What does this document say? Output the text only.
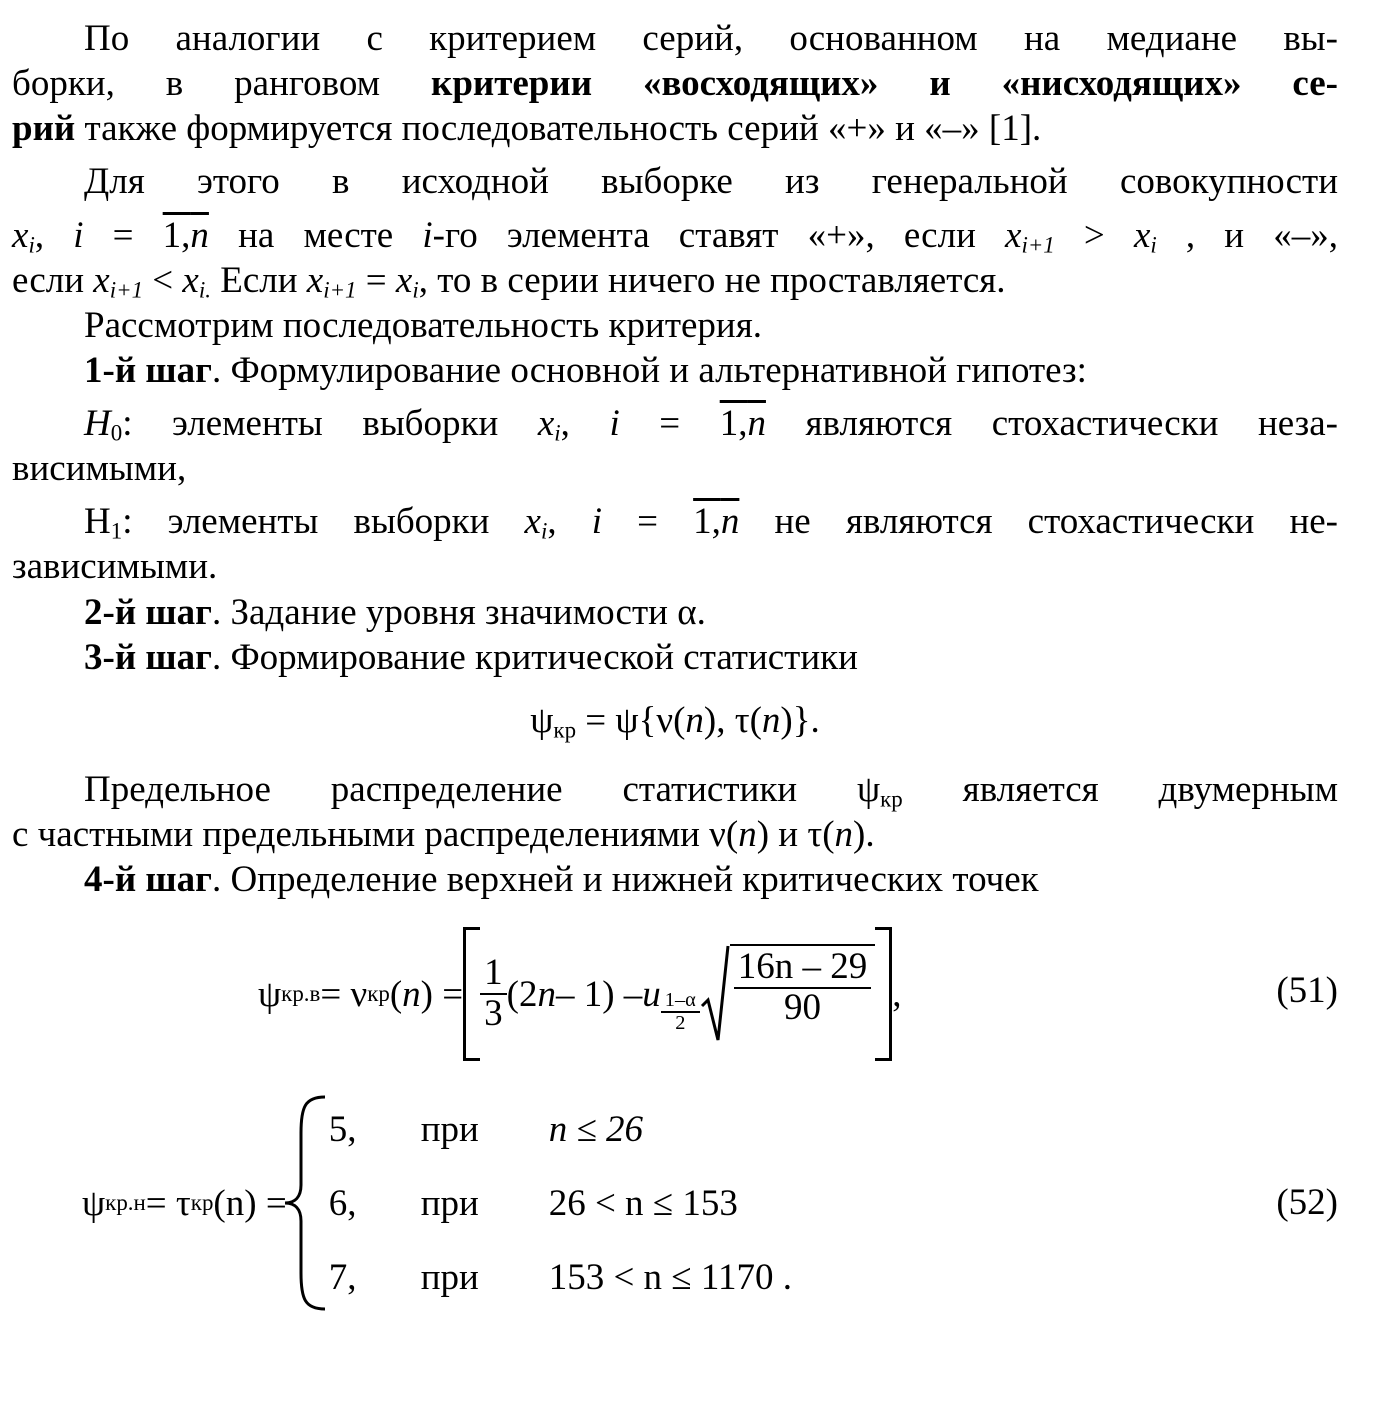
По аналогии с критерием серий, основанном на медиане вы-

борки, в ранговом критерии «восходящих» и «нисходящих» се-

рий также формируется последовательность серий «+» и «–» [1].

Для этого в исходной выборке из генеральной совокупности

$x_i$, i = 1,n на месте i-го элемента ставят «+», если $x_{i+1} > x_i$ , и «–»,

если $x_{i+1} < x_{i.}$ Если $x_{i+1} = x_i$, то в серии ничего не проставляется.

Рассмотрим последовательность критерия.

1-й шаг. Формулирование основной и альтернативной гипотез:

$H_0$: элементы выборки $x_i$, i = 1,n являются стохастически неза-

висимыми,

$H_1$: элементы выборки $x_i$, i = 1,n не являются стохастически не-

зависимыми.

2-й шаг. Задание уровня значимости α.

3-й шаг. Формирование критической статистики

$\psi_{кр} = \psi\{\nu(n)$, τ(n)}.

Предельное распределение статистики $\psi_{кр}$ является двумерным

с частными предельными распределениями ν(n) и τ(n).

4-й шаг. Определение верхней и нижней критических точек

ψ кр.в = ν кр ( n ) = $\frac{1}{3} (2$ n – 1) – u $\frac{1-\alpha}{2} \frac{16n - 29}{90}$ ,	(51)
ψ кр.н = τ кр (n) =
5,	при	n ≤ 26
6,	при	26 < n ≤ 153
7,	при	153 < n ≤ 1170 .
(52)
